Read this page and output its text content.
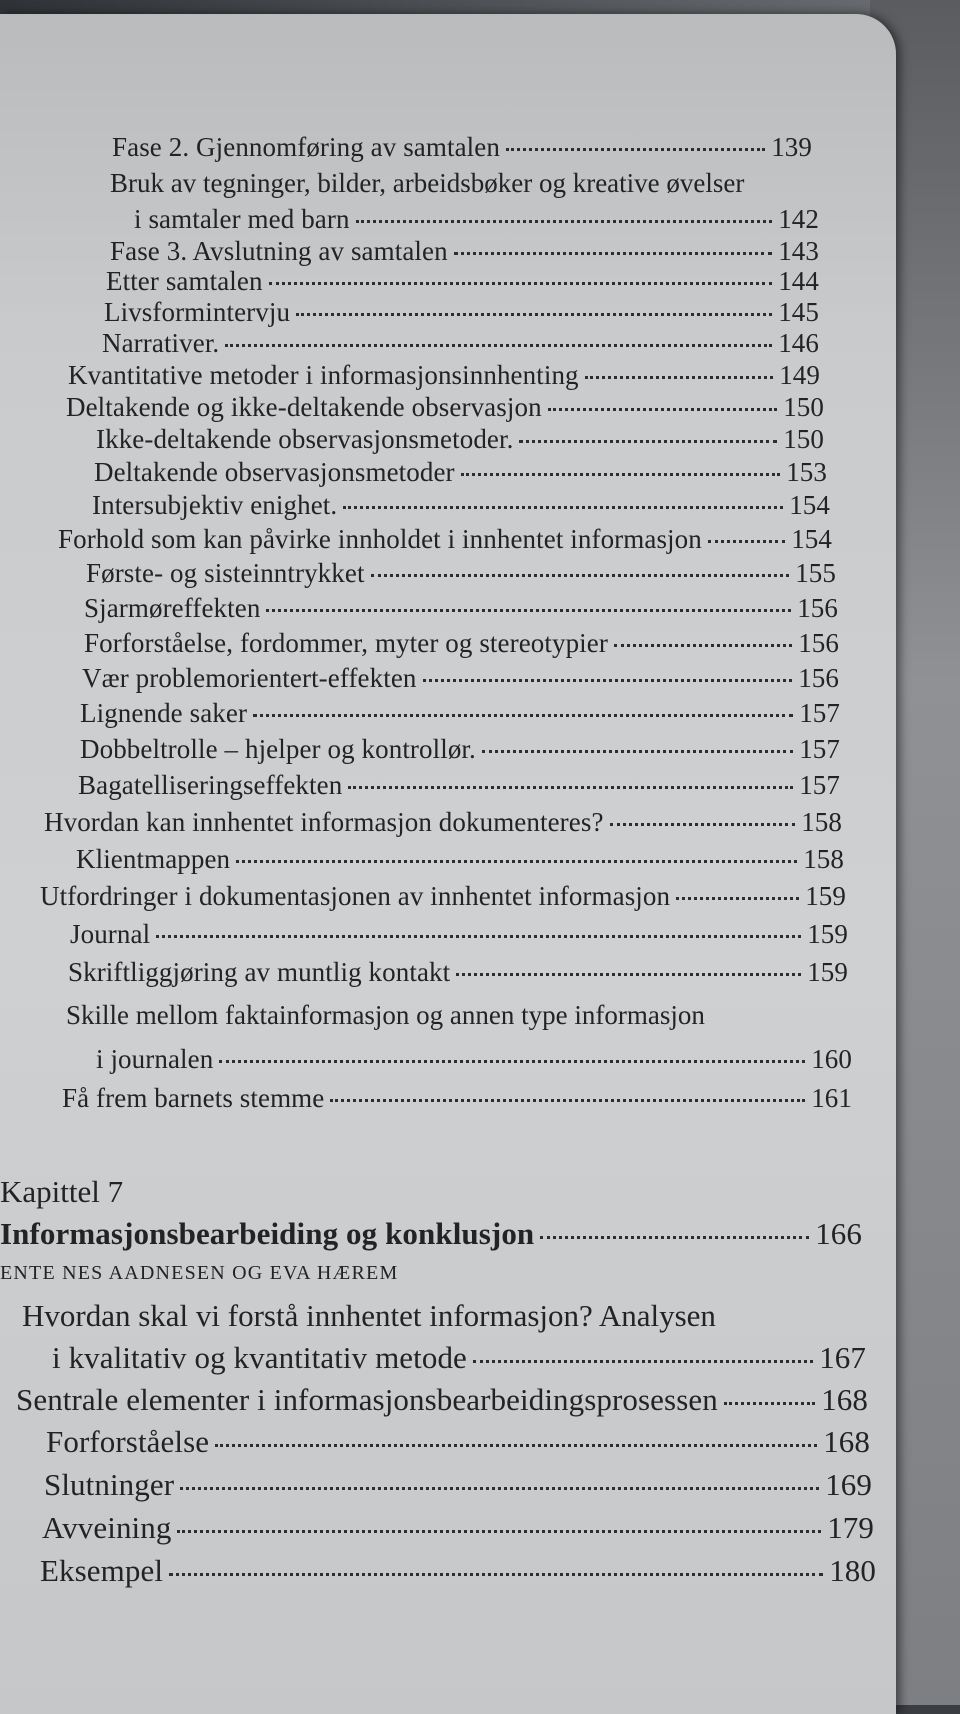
Fase 2. Gjennomføring av samtalen	139
Bruk av tegninger, bilder, arbeidsbøker og kreative øvelser
i samtaler med barn	142
Fase 3. Avslutning av samtalen	143
Etter samtalen	144
Livsformintervju	145
Narrativer.	146
Kvantitative metoder i informasjonsinnhenting	149
Deltakende og ikke-deltakende observasjon	150
Ikke-deltakende observasjonsmetoder.	150
Deltakende observasjonsmetoder	153
Intersubjektiv enighet.	154
Forhold som kan påvirke innholdet i innhentet informasjon	154
Første- og sisteinntrykket	155
Sjarmøreffekten	156
Forforståelse, fordommer, myter og stereotypier	156
Vær problemorientert-effekten	156
Lignende saker	157
Dobbeltrolle – hjelper og kontrollør.	157
Bagatelliseringseffekten	157
Hvordan kan innhentet informasjon dokumenteres?	158
Klientmappen	158
Utfordringer i dokumentasjonen av innhentet informasjon	159
Journal	159
Skriftliggjøring av muntlig kontakt	159
Skille mellom faktainformasjon og annen type informasjon
i journalen	160
Få frem barnets stemme	161
Kapittel 7
Informasjonsbearbeiding og konklusjon	166
ENTE NES AADNESEN OG EVA HÆREM
Hvordan skal vi forstå innhentet informasjon? Analysen
i kvalitativ og kvantitativ metode	167
Sentrale elementer i informasjonsbearbeidingsprosessen	168
Forforståelse	168
Slutninger	169
Avveining	179
Eksempel	180
